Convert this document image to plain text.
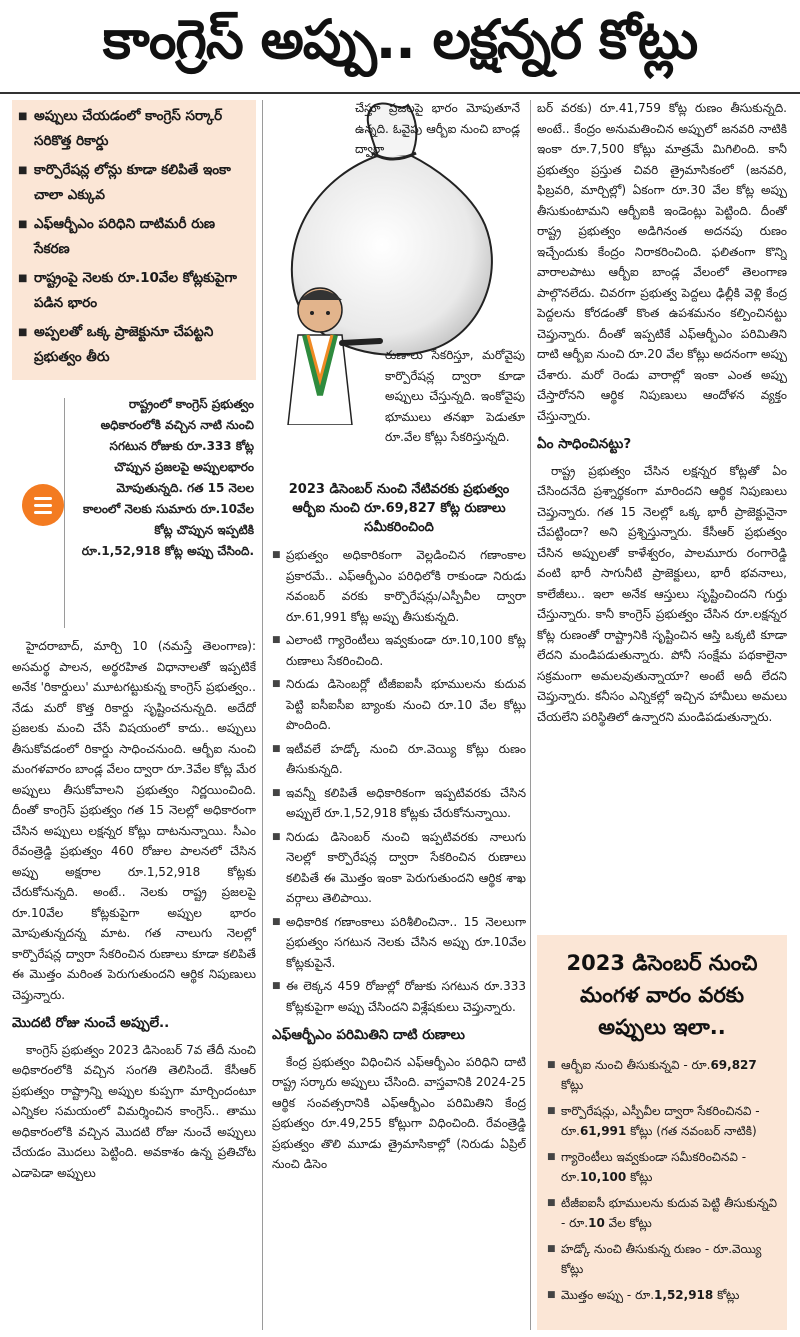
కాంగ్రెస్ అప్పు.. లక్షన్నర కోట్లు
■ అప్పులు చేయడంలో కాంగ్రెస్ సర్కార్ సరికొత్త రికార్డు
■ కార్పొరేషన్ల లోన్లు కూడా కలిపితే ఇంకా చాలా ఎక్కువ
■ ఎఫ్ఆర్బీఎం పరిధిని దాటిమరీ రుణ సేకరణ
■ రాష్ట్రంపై నెలకు రూ.10వేల కోట్లకుపైగా పడిన భారం
■ అప్పలతో ఒక్క ప్రాజెక్టునూ చేపట్టని ప్రభుత్వం తీరు
రాష్ట్రంలో కాంగ్రెస్ ప్రభుత్వం అధికారంలోకి వచ్చిన నాటి నుంచి సగటున రోజుకు రూ.333 కోట్ల చొప్పున ప్రజలపై అప్పులభారం మోపుతున్నది. గత 15 నెలల కాలంలో నెలకు సుమారు రూ.10వేల కోట్ల చొప్పున ఇప్పటికి రూ.1,52,918 కోట్ల అప్పు చేసింది.

హైదరాబాద్, మార్చి 10 (నమస్తే తెలంగాణ): అసమర్థ పాలన, అర్థరహిత విధానాలతో ఇప్పటికే అనేక 'రికార్డులు' మూటగట్టుకున్న కాంగ్రెస్ ప్రభుత్వం.. నేడు మరో కొత్త రికార్డు సృష్టించనున్నది. అదేదో ప్రజలకు మంచి చేసే విషయంలో కాదు.. అప్పులు తీసుకోవడంలో రికార్డు సాధించనుంది. ఆర్బీఐ నుంచి మంగళవారం బాండ్ల వేలం ద్వారా రూ.3వేల కోట్ల మేర అప్పులు తీసుకోవాలని ప్రభుత్వం నిర్ణయించింది. దీంతో కాంగ్రెస్ ప్రభుత్వం గత 15 నెలల్లో అధికారంగా చేసిన అప్పులు లక్షన్నర కోట్లు దాటనున్నాయి. సీఎం రేవంత్రెడ్డి ప్రభుత్వం 460 రోజుల పాలనలో చేసిన అప్పు అక్షరాల రూ.1,52,918 కోట్లకు చేరుకోనున్నది. అంటే.. నెలకు రాష్ట్ర ప్రజలపై రూ.10వేల కోట్లకుపైగా అప్పుల భారం మోపుతున్నదన్న మాట. గత నాలుగు నెలల్లో కార్పొరేషన్ల ద్వారా సేకరించిన రుణాలు కూడా కలిపితే ఈ మొత్తం మరింత పెరుగుతుందని ఆర్థిక నిపుణులు చెప్తున్నారు.

మొదటి రోజు నుంచే అప్పులే..

కాంగ్రెస్ ప్రభుత్వం 2023 డిసెంబర్ 7వ తేదీ నుంచి అధికారంలోకి వచ్చిన సంగతి తెలిసిందే. కేసీఆర్ ప్రభుత్వం రాష్ట్రాన్ని అప్పుల కుప్పగా మార్చిందంటూ ఎన్నికల సమయంలో విమర్శించిన కాంగ్రెస్.. తాము అధికారంలోకి వచ్చిన మొదటి రోజు నుంచే అప్పులు చేయడం మొదలు పెట్టింది. అవకాశం ఉన్న ప్రతిచోట ఎడాపెడా అప్పులు

చేస్తూ ప్రజలపై భారం మోపుతూనే ఉన్నది. ఓవైపు ఆర్బీఐ నుంచి బాండ్ల ద్వారా

రుణాలు సేకరిస్తూ, మరోవైపు కార్పొరేషన్ల ద్వారా కూడా అప్పులు చేస్తున్నది. ఇంకోవైపు భూములు తనఖా పెడుతూ రూ.వేల కోట్లు సేకరిస్తున్నది.

2023 డిసెంబర్ నుంచి నేటివరకు ప్రభుత్వం ఆర్బీఐ నుంచి రూ.69,827 కోట్ల రుణాలు సమీకరించింది
■ ప్రభుత్వం అధికారికంగా వెల్లడించిన గణాంకాల ప్రకారమే.. ఎఫ్ఆర్బీఎం పరిధిలోకి రాకుండా నిరుడు నవంబర్ వరకు కార్పొరేషన్లు/ఎస్పీవీల ద్వారా రూ.61,991 కోట్ల అప్పు తీసుకున్నది.
■ ఎలాంటి గ్యారెంటీలు ఇవ్వకుండా రూ.10,100 కోట్ల రుణాలు సేకరించింది.
■ నిరుడు డిసెంబర్లో టీజీఐఐసీ భూములను కుదువ పెట్టి ఐసీఐసీఐ బ్యాంకు నుంచి రూ.10 వేల కోట్లు పొందింది.
■ ఇటీవలే హడ్కో నుంచి రూ.వెయ్యి కోట్లు రుణం తీసుకున్నది.
■ ఇవన్నీ కలిపితే అధికారికంగా ఇప్పటివరకు చేసిన అప్పులే రూ.1,52,918 కోట్లకు చేరుకోనున్నాయి.
■ నిరుడు డిసెంబర్ నుంచి ఇప్పటివరకు నాలుగు నెలల్లో కార్పొరేషన్ల ద్వారా సేకరించిన రుణాలు కలిపితే ఈ మొత్తం ఇంకా పెరుగుతుందని ఆర్థిక శాఖ వర్గాలు తెలిపాయి.
■ అధికారిక గణాంకాలు పరిశీలించినా.. 15 నెలలుగా ప్రభుత్వం సగటున నెలకు చేసిన అప్పు రూ.10వేల కోట్లకుపైనే.
■ ఈ లెక్కన 459 రోజుల్లో రోజుకు సగటున రూ.333 కోట్లకుపైగా అప్పు చేసిందని విశ్లేషకులు చెప్తున్నారు.
ఎఫ్ఆర్బీఎం పరిమితిని దాటి రుణాలు

కేంద్ర ప్రభుత్వం విధించిన ఎఫ్ఆర్బీఎం పరిధిని దాటి రాష్ట్ర సర్కారు అప్పులు చేసింది. వాస్తవానికి 2024-25 ఆర్థిక సంవత్సరానికి ఎఫ్ఆర్బీఎం పరిమితిని కేంద్ర ప్రభుత్వం రూ.49,255 కోట్లుగా విధించింది. రేవంత్రెడ్డి ప్రభుత్వం తొలి మూడు త్రైమాసికాల్లో (నిరుడు ఏప్రిల్ నుంచి డిసెం

బర్ వరకు) రూ.41,759 కోట్ల రుణం తీసుకున్నది. అంటే.. కేంద్రం అనుమతించిన అప్పులో జనవరి నాటికి ఇంకా రూ.7,500 కోట్లు మాత్రమే మిగిలింది. కానీ ప్రభుత్వం ప్రస్తుత చివరి త్రైమాసికంలో (జనవరి, ఫిబ్రవరి, మార్చిల్లో) ఏకంగా రూ.30 వేల కోట్ల అప్పు తీసుకుంటామని ఆర్బీఐకి ఇండెంట్లు పెట్టింది. దీంతో రాష్ట్ర ప్రభుత్వం అడిగినంత అదనపు రుణం ఇచ్చేందుకు కేంద్రం నిరాకరించింది. ఫలితంగా కొన్ని వారాలపాటు ఆర్బీఐ బాండ్ల వేలంలో తెలంగాణ పాల్గొనలేదు. చివరగా ప్రభుత్వ పెద్దలు ఢిల్లీకి వెళ్లి కేంద్ర పెద్దలను కోరడంతో కొంత ఉపశమనం కల్పించినట్టు చెప్తున్నారు. దీంతో ఇప్పటికే ఎఫ్ఆర్బీఎం పరిమితిని దాటి ఆర్బీఐ నుంచి రూ.20 వేల కోట్లు అదనంగా అప్పు చేశారు. మరో రెండు వారాల్లో ఇంకా ఎంత అప్పు చేస్తారోనని ఆర్థిక నిపుణులు ఆందోళన వ్యక్తం చేస్తున్నారు.

ఏం సాధించినట్టు?

రాష్ట్ర ప్రభుత్వం చేసిన లక్షన్నర కోట్లతో ఏం చేసిందనేది ప్రశ్నార్థకంగా మారిందని ఆర్థిక నిపుణులు చెప్తున్నారు. గత 15 నెలల్లో ఒక్క భారీ ప్రాజెక్టునైనా చేపట్టిందా? అని ప్రశ్నిస్తున్నారు. కేసీఆర్ ప్రభుత్వం చేసిన అప్పులతో కాళేశ్వరం, పాలమూరు రంగారెడ్డి వంటి భారీ సాగునీటి ప్రాజెక్టులు, భారీ భవనాలు, కాలేజీలు.. ఇలా అనేక ఆస్తులు సృష్టించిందని గుర్తు చేస్తున్నారు. కానీ కాంగ్రెస్ ప్రభుత్వం చేసిన రూ.లక్షన్నర కోట్ల రుణంతో రాష్ట్రానికి సృష్టించిన ఆస్తి ఒక్కటి కూడా లేదని మండిపడుతున్నారు. పోనీ సంక్షేమ పథకాలైనా సక్రమంగా అమలవుతున్నాయా? అంటే అదీ లేదని చెప్తున్నారు. కనీసం ఎన్నికల్లో ఇచ్చిన హామీలు అమలు చేయలేని పరిస్థితిలో ఉన్నారని మండిపడుతున్నారు.

2023 డిసెంబర్ నుంచి మంగళ వారం వరకు అప్పులు ఇలా..
■ ఆర్బీఐ నుంచి తీసుకున్నవి - రూ.69,827 కోట్లు
■ కార్పొరేషన్లు, ఎస్పీవీల ద్వారా సేకరించినవి - రూ.61,991 కోట్లు (గత నవంబర్ నాటికి)
■ గ్యారెంటీలు ఇవ్వకుండా సమీకరించినవి - రూ.10,100 కోట్లు
■ టీజీఐఐసీ భూములను కుదువ పెట్టి తీసుకున్నవి - రూ.10 వేల కోట్లు
■ హడ్కో నుంచి తీసుకున్న రుణం - రూ.వెయ్యి కోట్లు
■ మొత్తం అప్పు - రూ.1,52,918 కోట్లు
